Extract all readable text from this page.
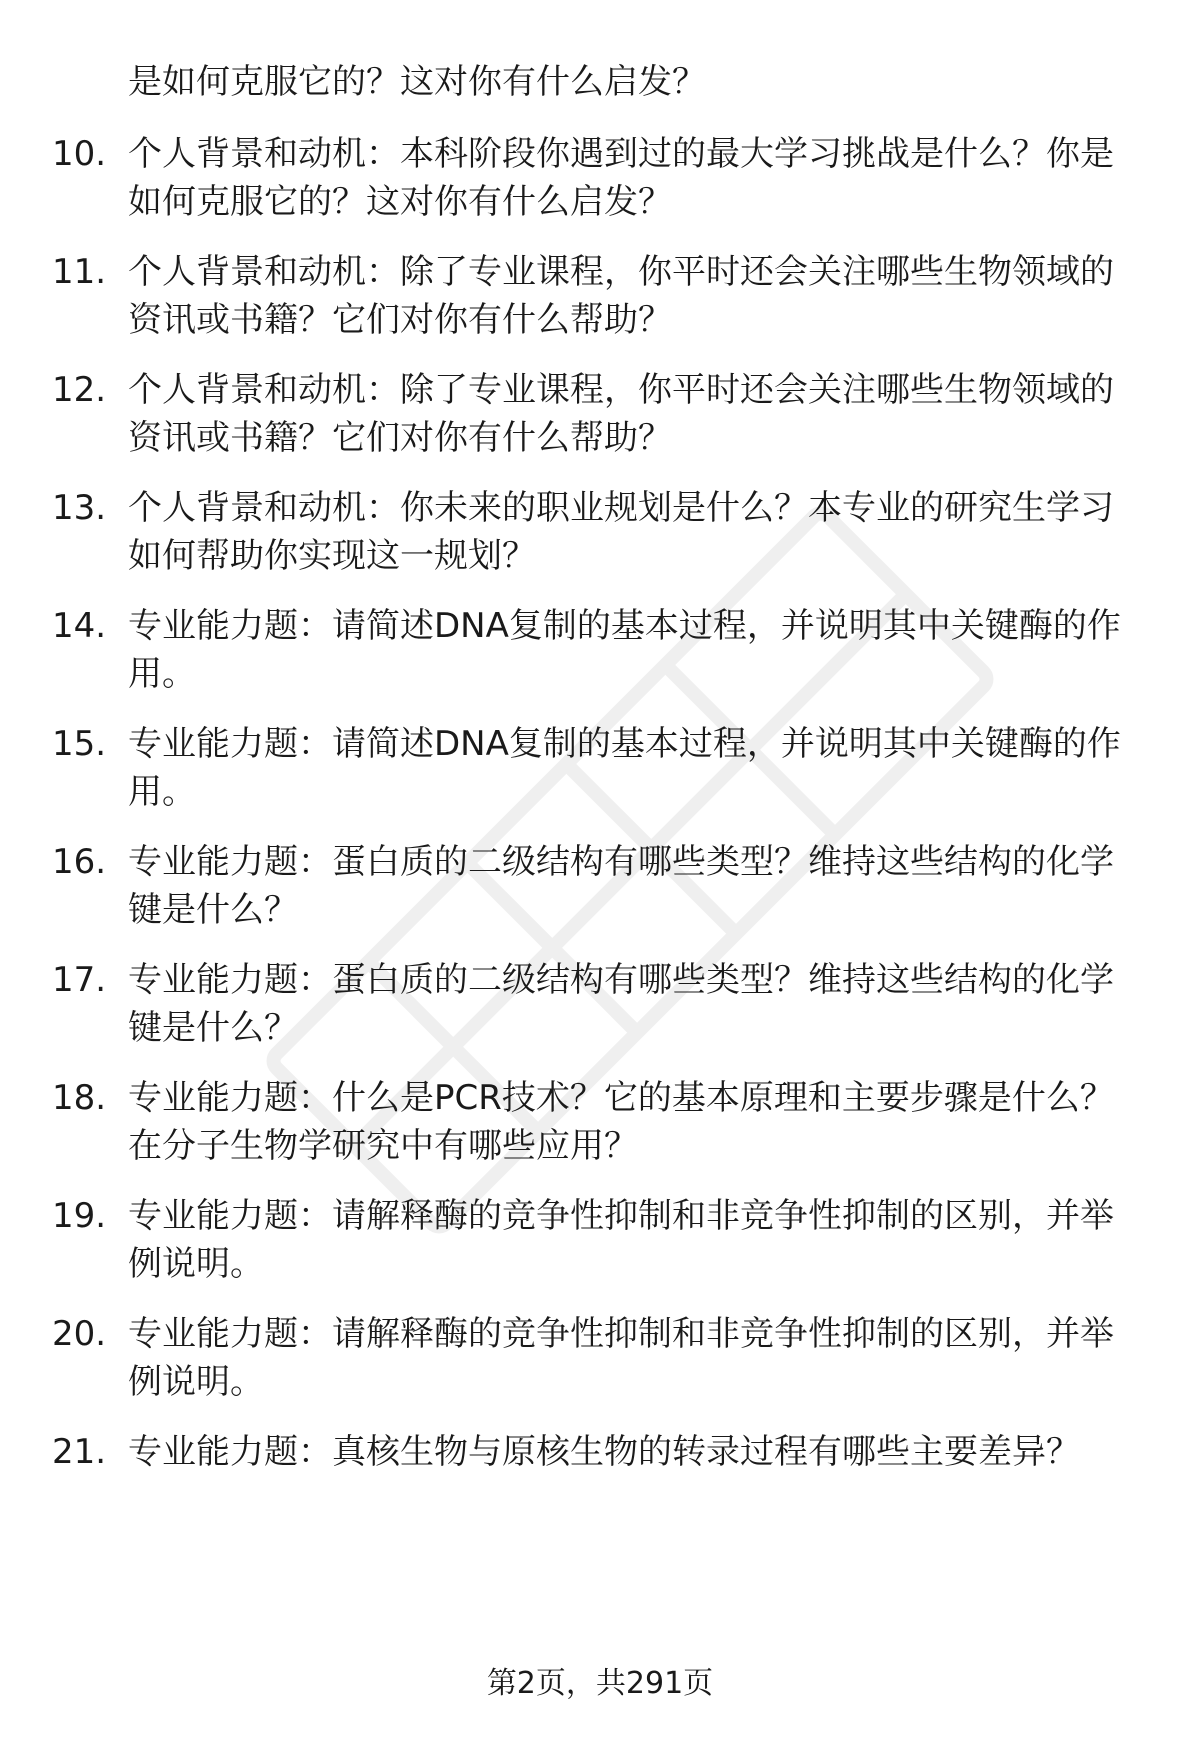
是如何克服它的？这对你有什么启发？
10. 个人背景和动机：本科阶段你遇到过的最大学习挑战是什么？你是如何克服它的？这对你有什么启发？
11. 个人背景和动机：除了专业课程，你平时还会关注哪些生物领域的资讯或书籍？它们对你有什么帮助？
12. 个人背景和动机：除了专业课程，你平时还会关注哪些生物领域的资讯或书籍？它们对你有什么帮助？
13. 个人背景和动机：你未来的职业规划是什么？本专业的研究生学习如何帮助你实现这一规划？
14. 专业能力题：请简述DNA复制的基本过程，并说明其中关键酶的作用。
15. 专业能力题：请简述DNA复制的基本过程，并说明其中关键酶的作用。
16. 专业能力题：蛋白质的二级结构有哪些类型？维持这些结构的化学键是什么？
17. 专业能力题：蛋白质的二级结构有哪些类型？维持这些结构的化学键是什么？
18. 专业能力题：什么是PCR技术？它的基本原理和主要步骤是什么？在分子生物学研究中有哪些应用？
19. 专业能力题：请解释酶的竞争性抑制和非竞争性抑制的区别，并举例说明。
20. 专业能力题：请解释酶的竞争性抑制和非竞争性抑制的区别，并举例说明。
21. 专业能力题：真核生物与原核生物的转录过程有哪些主要差异？
第2页，共291页
